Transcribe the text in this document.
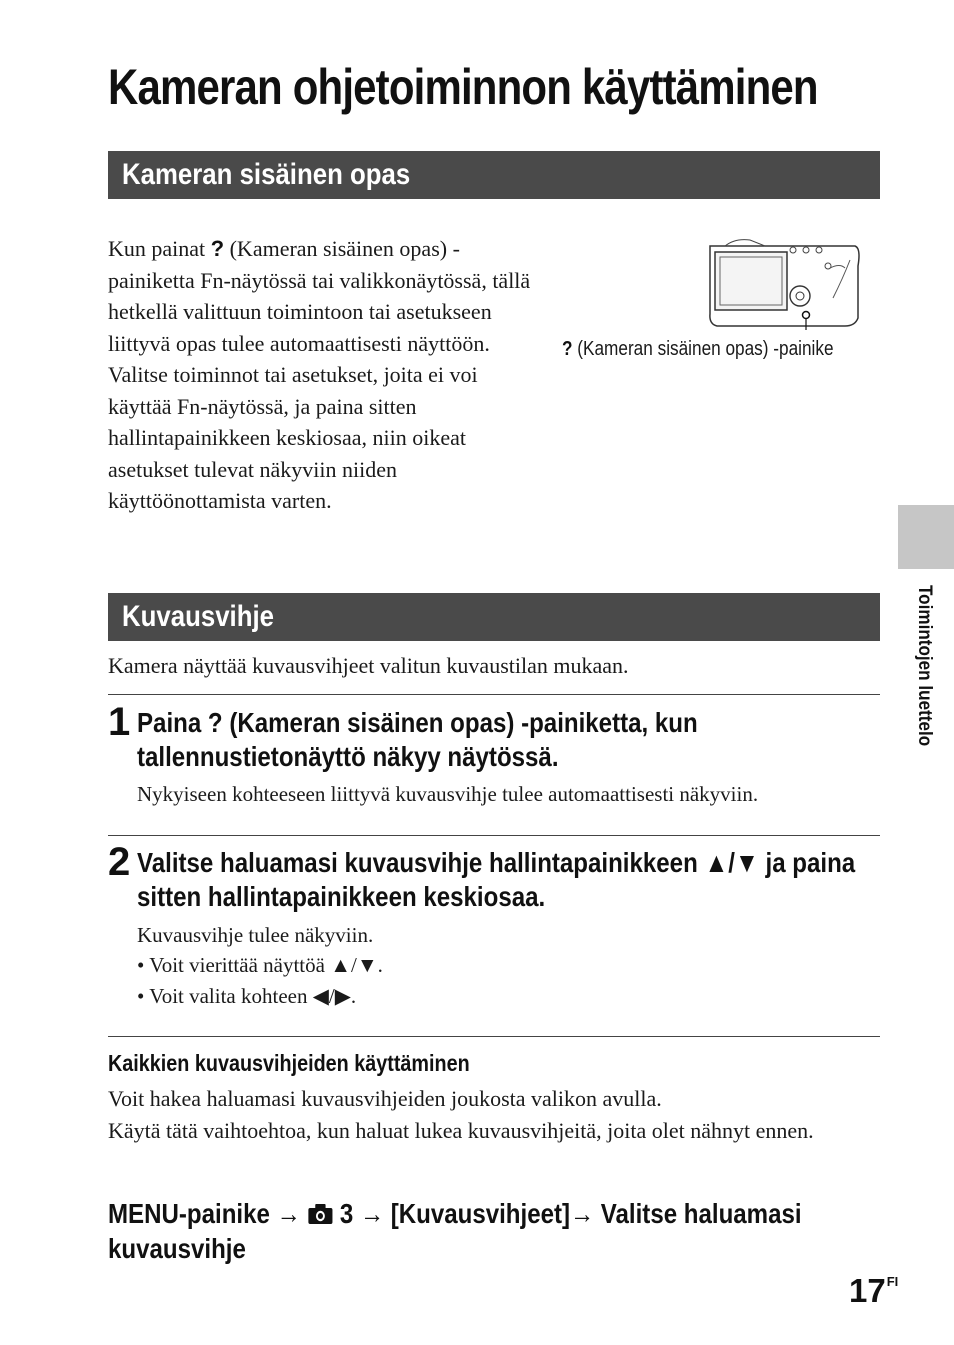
Kameran ohjetoiminnon käyttäminen
Kameran sisäinen opas

Kun painat ? (Kameran sisäinen opas) -painiketta Fn-näytössä tai valikkonäytössä, tällä hetkellä valittuun toimintoon tai asetukseen liittyvä opas tulee automaattisesti näyttöön.

Valitse toiminnot tai asetukset, joita ei voi käyttää Fn-näytössä, ja paina sitten hallintapainikkeen keskiosaa, niin oikeat asetukset tulevat näkyviin niiden käyttöönottamista varten.

? (Kameran sisäinen opas) -painike
Kuvausvihje

Kamera näyttää kuvausvihjeet valitun kuvaustilan mukaan.

1 Paina ? (Kameran sisäinen opas) -painiketta, kun tallennustietonäyttö näkyy näytössä.
Nykyiseen kohteeseen liittyvä kuvausvihje tulee automaattisesti näkyviin.
2 Valitse haluamasi kuvausvihje hallintapainikkeen ▲/▼ ja paina sitten hallintapainikkeen keskiosaa.
Kuvausvihje tulee näkyviin.
• Voit vierittää näyttöä ▲/▼.
• Voit valita kohteen ◀/▶.
Kaikkien kuvausvihjeiden käyttäminen

Voit hakea haluamasi kuvausvihjeiden joukosta valikon avulla.

Käytä tätä vaihtoehtoa, kun haluat lukea kuvausvihjeitä, joita olet nähnyt ennen.

MENU-painike → 3 → [Kuvausvihjeet]→ Valitse haluamasi kuvausvihje
Toimintojen luettelo
$17^{FI}$
